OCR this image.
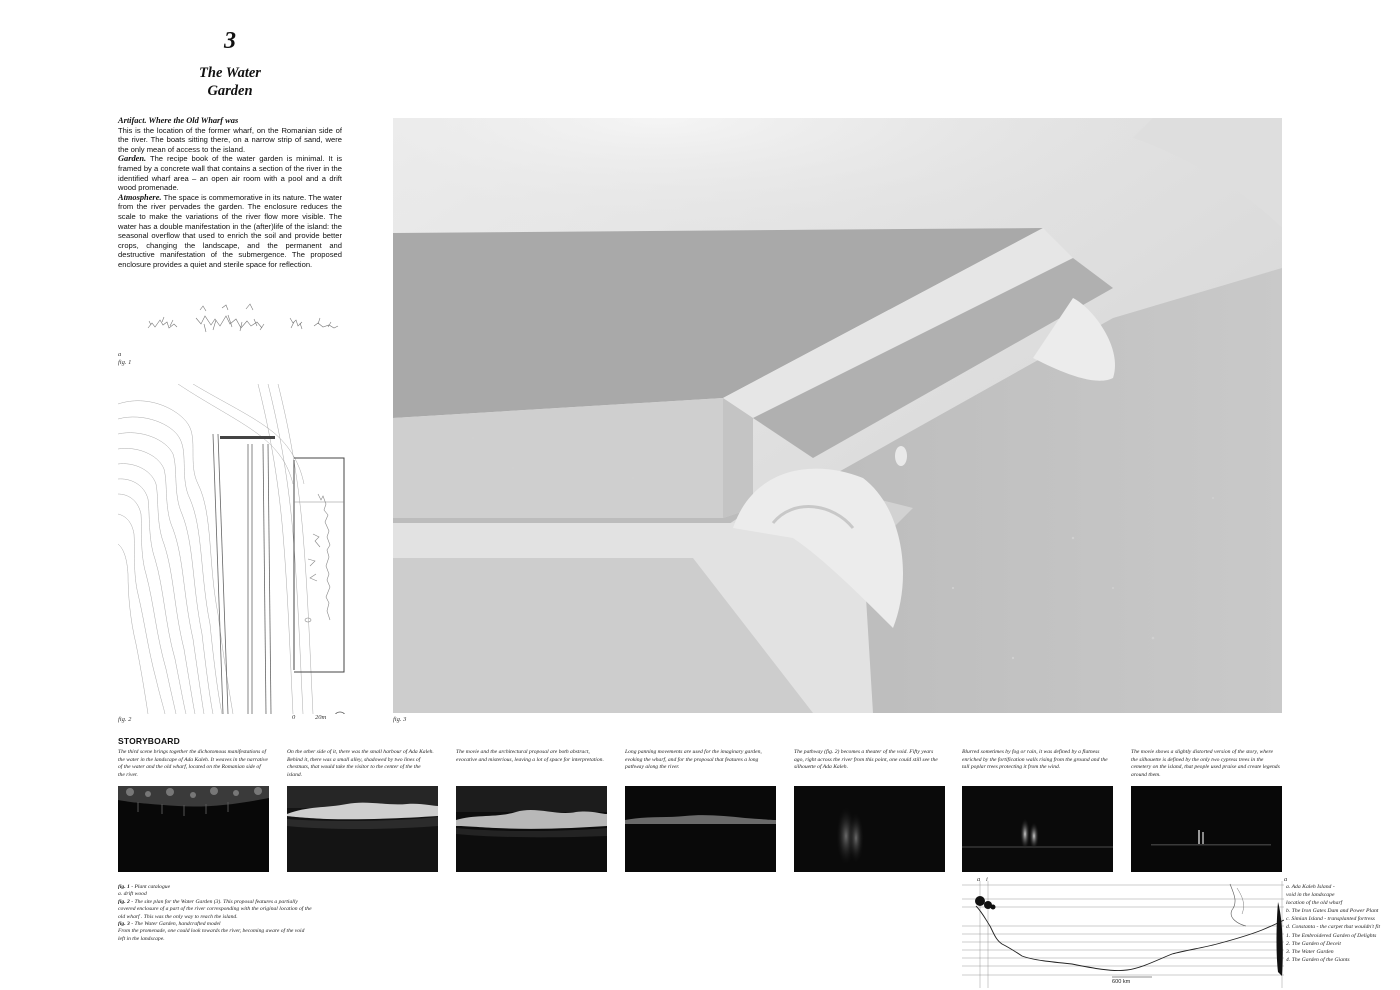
3
The Water
Garden

Artifact. Where the Old Wharf was

This is the location of the former wharf, on the Romanian side of the river. The boats sitting there, on a narrow strip of sand, were the only mean of access to the island.

Garden. The recipe book of the water garden is minimal. It is framed by a concrete wall that contains a section of the river in the identified wharf area – an open air room with a pool and a drift wood promenade.

Atmosphere. The space is commemorative in its nature. The water from the river pervades the garden. The enclosure reduces the scale to make the variations of the river flow more visible. The water has a double manifestation in the (after)life of the island: the seasonal overflow that used to enrich the soil and provide better crops, changing the landscape, and the permanent and destructive manifestation of the submergence. The proposed enclosure provides a quiet and sterile space for reflection.

a
fig. 1
fig. 2	0	20m	fig. 3
STORYBOARD
The third scene brings together the dichotomous manifestations of the water in the landscape of Ada Kaleh. It weaves in the narrative of the water and the old wharf, located on the Romanian side of the river.
On the other side of it, there was the small harbour of Ada Kaleh. Behind it, there was a small alley, shadowed by two lines of chestnuts, that would take the visitor to the center of the the island.
The movie and the architectural proposal are both abstract, evocative and misterious, leaving a lot of space for interpretation.
Long panning movements are used for the imaginary garden, evoking the wharf, and for the proposal that features a long pathway along the river.
The pathway (fig. 2) becomes a theater of the void. Fifty years ago, right across the river from this point, one could still see the silhouette of Ada Kaleh.
Blurred sometimes by fog or rain, it was defined by a flatness enriched by the fortification walls rising from the ground and the tall poplar trees protecting it from the wind.
The movie shows a slightly distorted version of the story, where the silhouette is defined by the only two cypress trees in the cemetery on the island, that people used praise and create legends around them.
fig. 1 - Plant catalogue
a. drift wood
fig. 2 - The site plan for the Water Garden (3). This proposal features a partially
covered enclosure of a part of the river corresponding with the original location of the
old wharf . This was the only way to reach the island.
fig. 3 - The Water Garden, handcrafted model
From the promenade, one could look towards the river, becoming aware of the void
left in the landscape.
a i	a
600 km
a. Ada Kaleh Island -
void in the landscape
location of the old wharf
b. The Iron Gates Dam and Power Plant
c. Simian Island - transplanted fortress
d. Constanta - the carpet that wouldn't fit
1. The Embroidered Garden of Delights
2. The Garden of Deceit
3. The Water Garden
4. The Garden of the Giants
